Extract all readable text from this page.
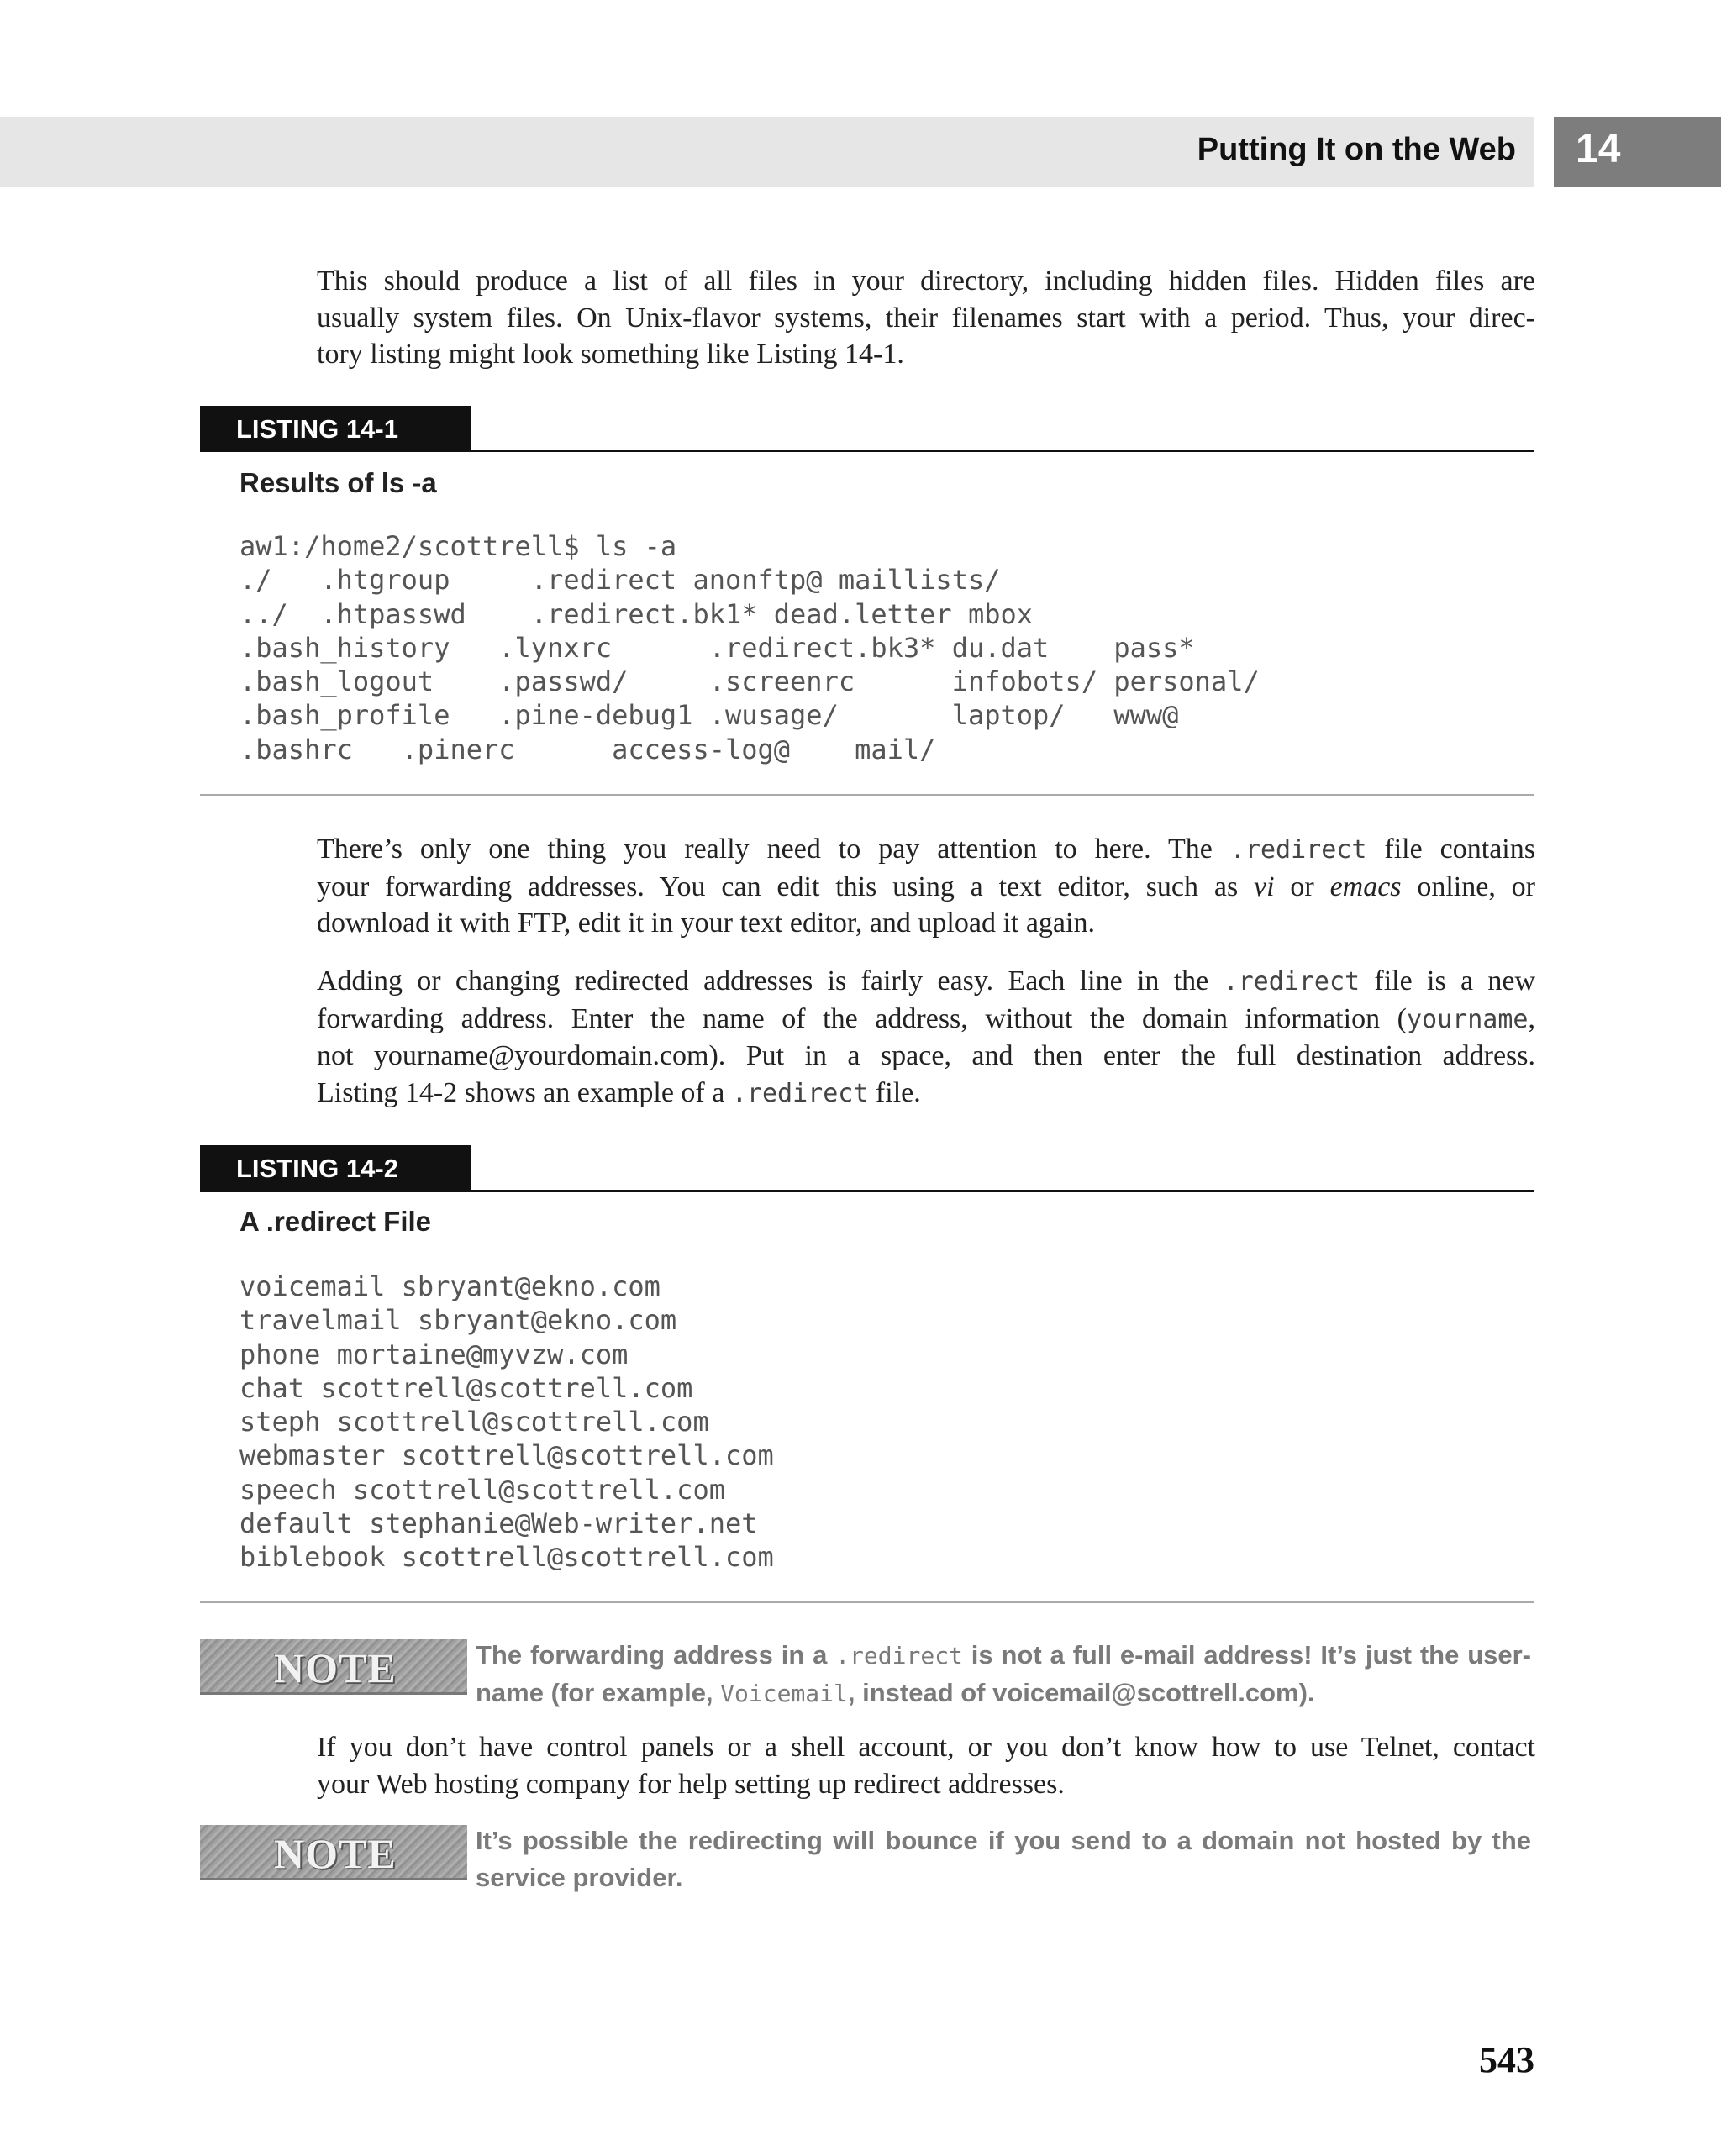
Putting It on the Web 14
This should produce a list of all files in your directory, including hidden files. Hidden files are
usually system files. On Unix-flavor systems, their filenames start with a period. Thus, your direc-
tory listing might look something like Listing 14-1.
LISTING 14-1
Results of ls -a
aw1:/home2/scottrell$ ls -a
./   .htgroup     .redirect anonftp@ maillists/
../  .htpasswd    .redirect.bk1* dead.letter mbox
.bash_history   .lynxrc      .redirect.bk3* du.dat    pass*
.bash_logout    .passwd/     .screenrc      infobots/ personal/
.bash_profile   .pine-debug1 .wusage/       laptop/   www@
.bashrc   .pinerc      access-log@    mail/
There’s only one thing you really need to pay attention to here. The .redirect file contains
your forwarding addresses. You can edit this using a text editor, such as vi or emacs online, or
download it with FTP, edit it in your text editor, and upload it again.
Adding or changing redirected addresses is fairly easy. Each line in the .redirect file is a new
forwarding address. Enter the name of the address, without the domain information (yourname,
not yourname@yourdomain.com). Put in a space, and then enter the full destination address.
Listing 14-2 shows an example of a .redirect file.
LISTING 14-2
A .redirect File
voicemail sbryant@ekno.com
travelmail sbryant@ekno.com
phone mortaine@myvzw.com
chat scottrell@scottrell.com
steph scottrell@scottrell.com
webmaster scottrell@scottrell.com
speech scottrell@scottrell.com
default stephanie@Web-writer.net
biblebook scottrell@scottrell.com
NOTE	The forwarding address in a .redirect is not a full e-mail address! It’s just the user-
name (for example, Voicemail, instead of voicemail@scottrell.com).
If you don’t have control panels or a shell account, or you don’t know how to use Telnet, contact
your Web hosting company for help setting up redirect addresses.
NOTE	It’s possible the redirecting will bounce if you send to a domain not hosted by the
service provider.
543
